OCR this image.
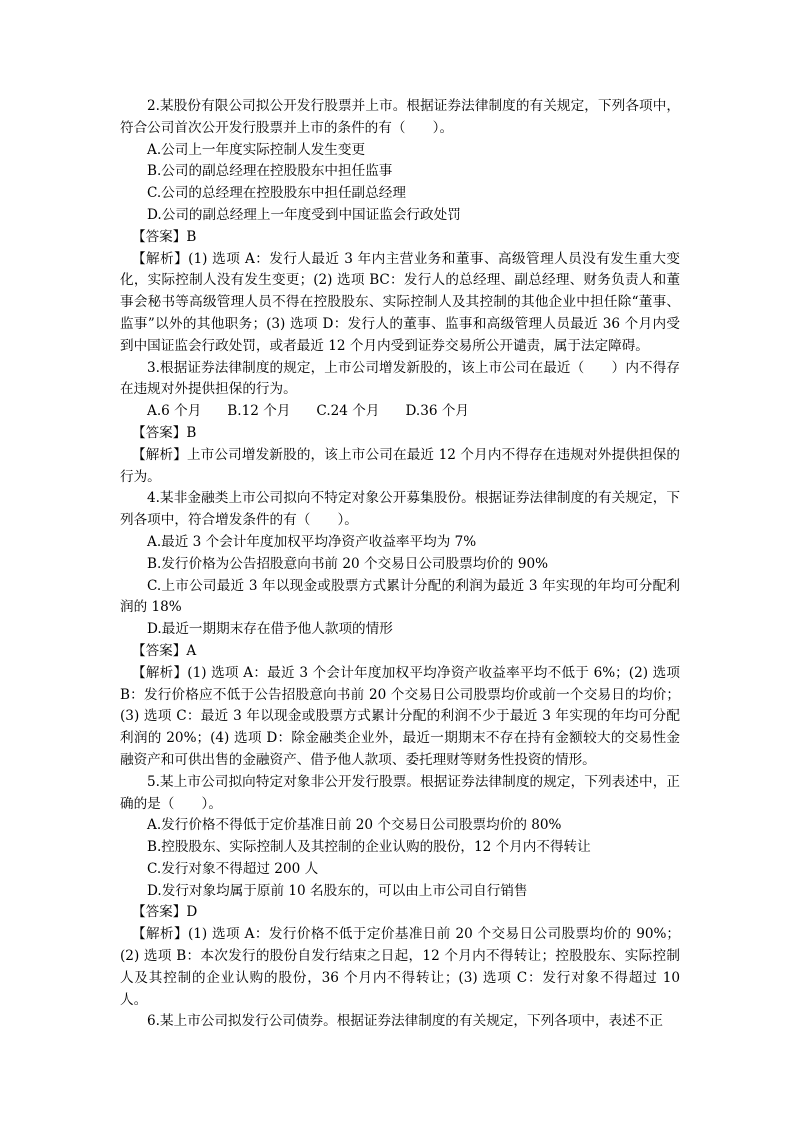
2.某股份有限公司拟公开发行股票并上市。根据证券法律制度的有关规定，下列各项中，符合公司首次公开发行股票并上市的条件的有（　　）。

A.公司上一年度实际控制人发生变更

B.公司的副总经理在控股股东中担任监事

C.公司的总经理在控股股东中担任副总经理

D.公司的副总经理上一年度受到中国证监会行政处罚

【答案】B

【解析】(1) 选项 A：发行人最近 3 年内主营业务和董事、高级管理人员没有发生重大变化，实际控制人没有发生变更；(2) 选项 BC：发行人的总经理、副总经理、财务负责人和董事会秘书等高级管理人员不得在控股股东、实际控制人及其控制的其他企业中担任除“董事、监事”以外的其他职务；(3) 选项 D：发行人的董事、监事和高级管理人员最近 36 个月内受到中国证监会行政处罚，或者最近 12 个月内受到证券交易所公开谴责，属于法定障碍。

3.根据证券法律制度的规定，上市公司增发新股的，该上市公司在最近（　　）内不得存在违规对外提供担保的行为。

A.6 个月 B.12 个月 C.24 个月 D.36 个月

【答案】B

【解析】上市公司增发新股的，该上市公司在最近 12 个月内不得存在违规对外提供担保的行为。

4.某非金融类上市公司拟向不特定对象公开募集股份。根据证券法律制度的有关规定，下列各项中，符合增发条件的有（　　）。

A.最近 3 个会计年度加权平均净资产收益率平均为 7%

B.发行价格为公告招股意向书前 20 个交易日公司股票均价的 90%

C.上市公司最近 3 年以现金或股票方式累计分配的利润为最近 3 年实现的年均可分配利润的 18%

D.最近一期期末存在借予他人款项的情形

【答案】A

【解析】(1) 选项 A：最近 3 个会计年度加权平均净资产收益率平均不低于 6%；(2) 选项 B：发行价格应不低于公告招股意向书前 20 个交易日公司股票均价或前一个交易日的均价；(3) 选项 C：最近 3 年以现金或股票方式累计分配的利润不少于最近 3 年实现的年均可分配利润的 20%；(4) 选项 D：除金融类企业外，最近一期期末不存在持有金额较大的交易性金融资产和可供出售的金融资产、借予他人款项、委托理财等财务性投资的情形。

5.某上市公司拟向特定对象非公开发行股票。根据证券法律制度的规定，下列表述中，正确的是（　　）。

A.发行价格不得低于定价基准日前 20 个交易日公司股票均价的 80%

B.控股股东、实际控制人及其控制的企业认购的股份，12 个月内不得转让

C.发行对象不得超过 200 人

D.发行对象均属于原前 10 名股东的，可以由上市公司自行销售

【答案】D

【解析】(1) 选项 A：发行价格不低于定价基准日前 20 个交易日公司股票均价的 90%；(2) 选项 B：本次发行的股份自发行结束之日起，12 个月内不得转让；控股股东、实际控制人及其控制的企业认购的股份，36 个月内不得转让；(3) 选项 C：发行对象不得超过 10 人。

6.某上市公司拟发行公司债券。根据证券法律制度的有关规定，下列各项中，表述不正
